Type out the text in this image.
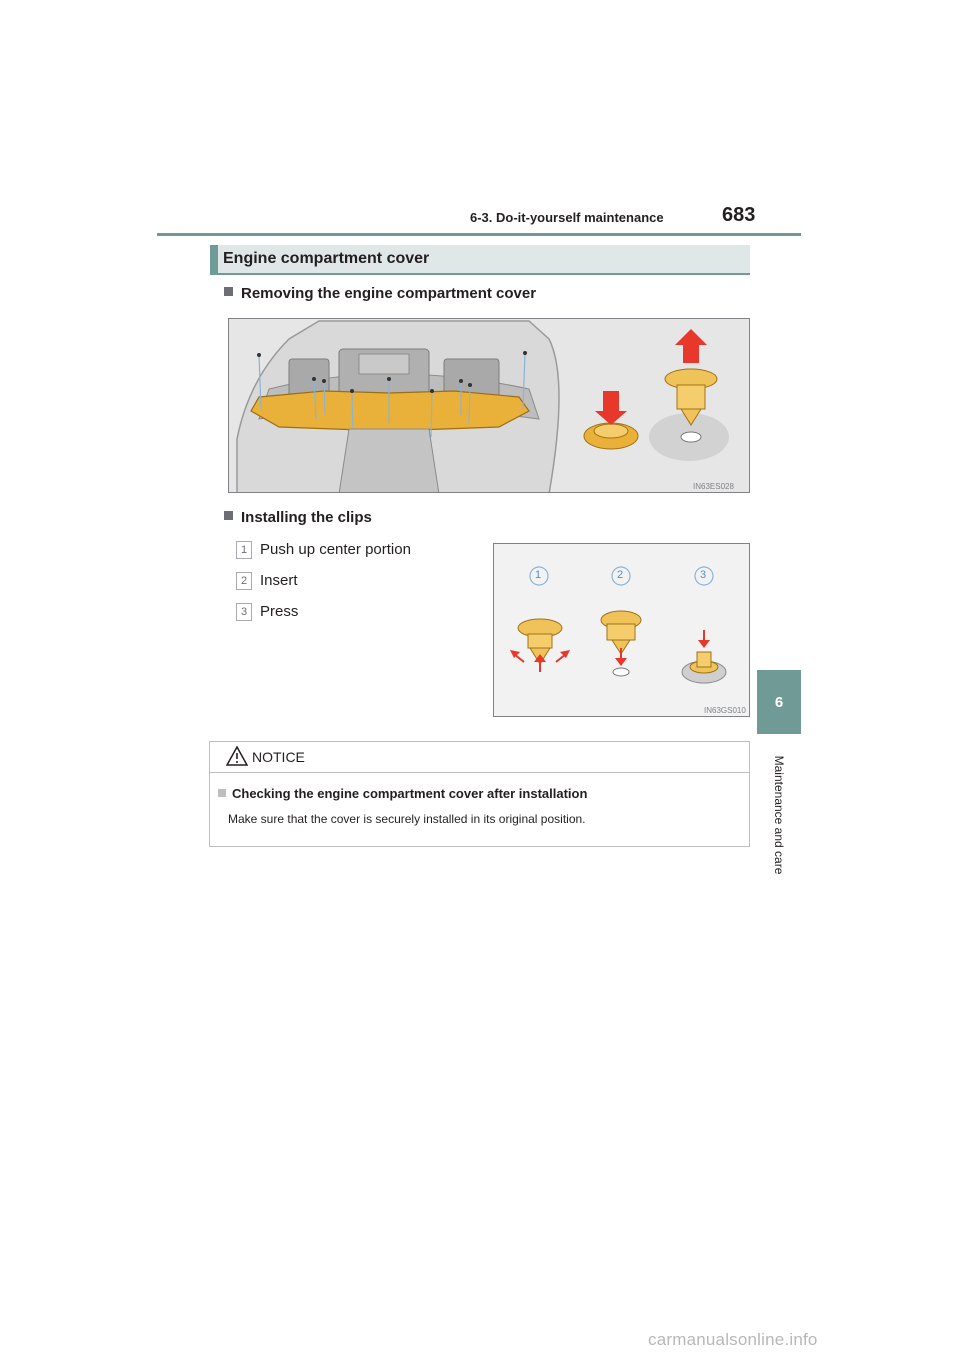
6-3. Do-it-yourself maintenance	683
6
Maintenance and care
Engine compartment cover
Removing the engine compartment cover
IN63ES028
Installing the clips
1 Push up center portion
2 Insert
3 Press
1	2	3
IN63GS010
NOTICE
Checking the engine compartment cover after installation
Make sure that the cover is securely installed in its original position.
carmanualsonline.info
